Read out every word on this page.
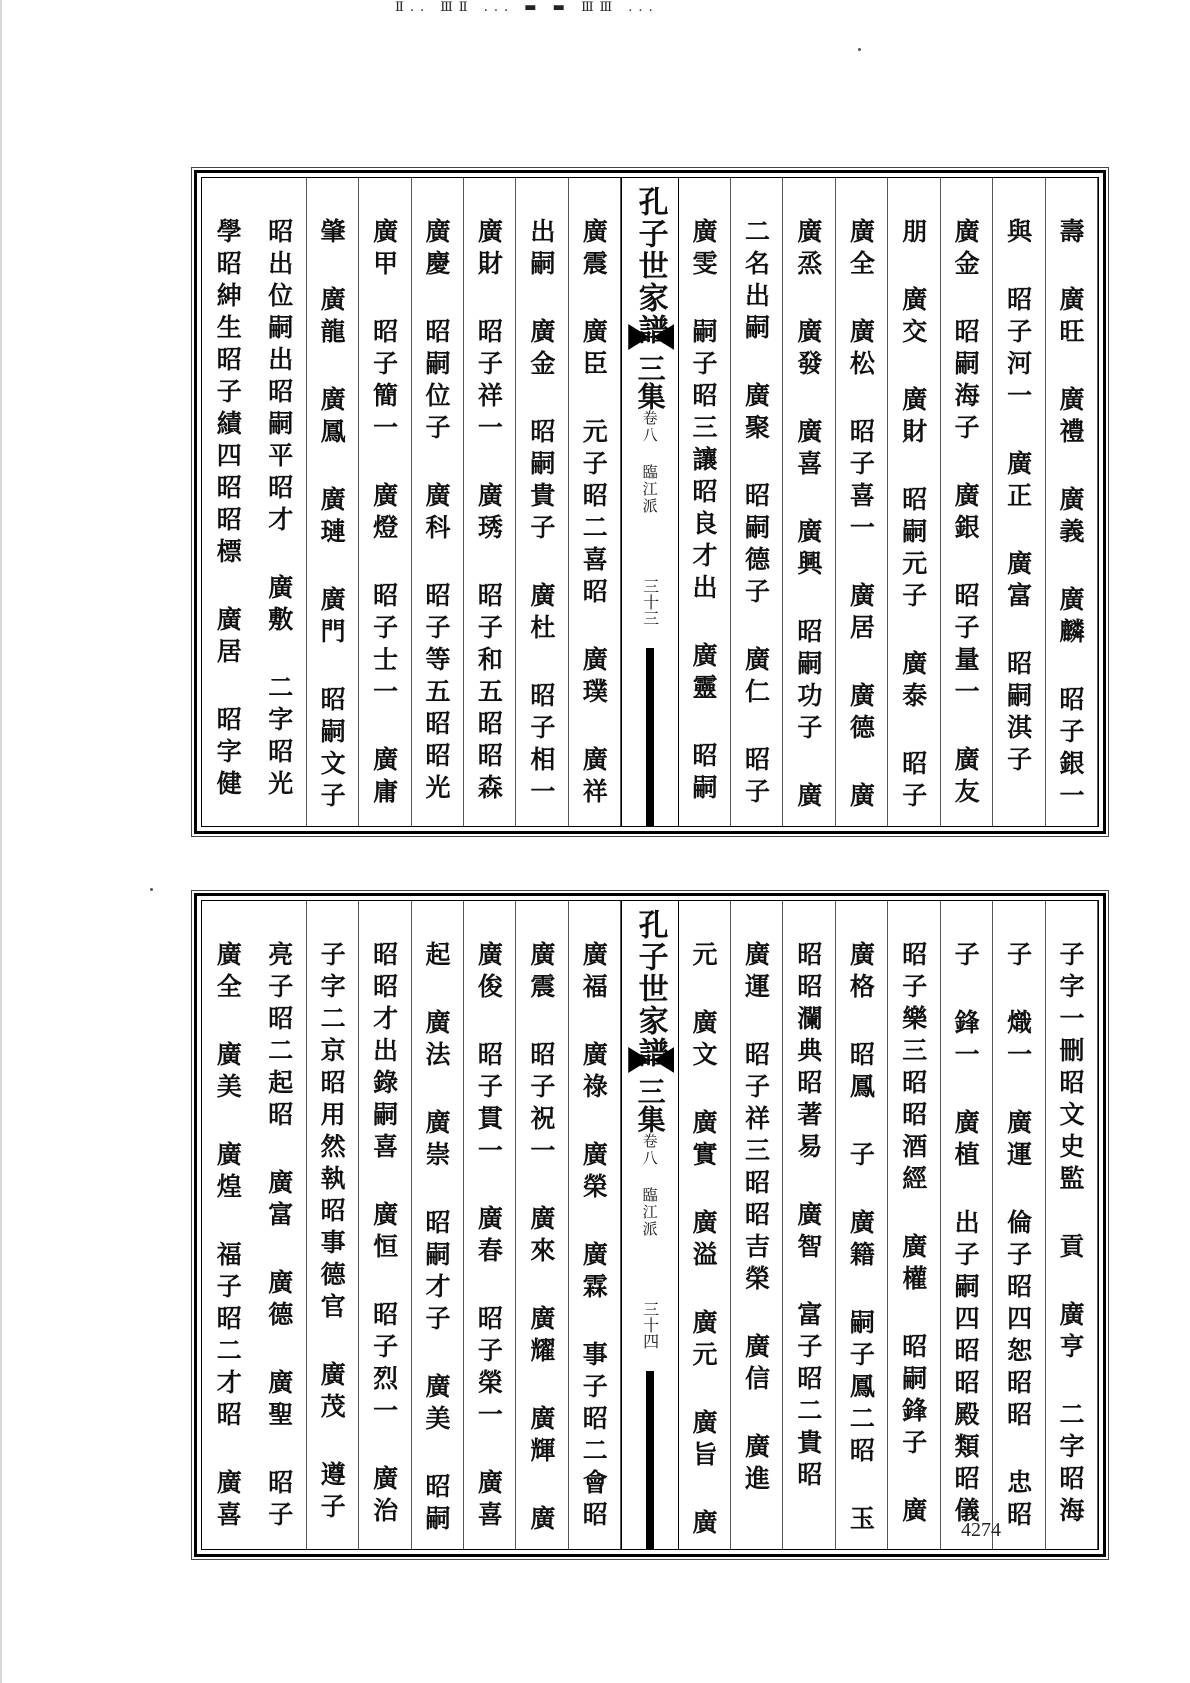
Ⅱ.. ⅢⅡ ... ▬ ▬ ⅢⅢ ...
壽 廣旺 廣禮 廣義 廣麟 昭子銀一
與 昭子河一 廣正 廣富 昭嗣淇子
廣金 昭嗣海子 廣銀 昭子量一 廣友
朋 廣交 廣財 昭嗣元子 廣泰 昭子
廣全 廣松 昭子喜一 廣居 廣德 廣
廣烝 廣發 廣喜 廣興 昭嗣功子 廣
二名出嗣 廣聚 昭嗣德子 廣仁 昭子
廣雯 嗣子昭三讓昭良才出 廣靈 昭嗣
孔子世家譜
三集
卷八 臨江派
三十三
廣震 廣臣 元子昭二喜昭 廣璞 廣祥
出嗣 廣金 昭嗣貴子 廣杜 昭子相一
廣財 昭子祥一 廣琇 昭子和五昭昭森
廣慶 昭嗣位子 廣科 昭子等五昭昭光
廣甲 昭子簡一 廣燈 昭子士一 廣庸
肇 廣龍 廣鳳 廣璉 廣門 昭嗣文子
昭出位嗣出昭嗣平昭才 廣敷 二字昭光
學昭紳生昭子績四昭昭標 廣居 昭字健
子字一刪昭文史監 貢 廣亨 二字昭海
子 熾一 廣運 倫子昭四恕昭昭 忠昭
子 鋒一 廣植 出子嗣四昭昭殿類昭儀
昭子樂三昭昭酒經 廣權 昭嗣鋒子 廣
廣格 昭鳳 子 廣籍 嗣子鳳二昭 玉
昭昭瀾典昭著易 廣智 富子昭二貴昭
廣運 昭子祥三昭昭吉榮 廣信 廣進
元 廣文 廣實 廣溢 廣元 廣旨 廣
孔子世家譜
三集
卷八 臨江派
三十四
廣福 廣祿 廣榮 廣霖 事子昭二會昭
廣震 昭子祝一 廣來 廣耀 廣輝 廣
廣俊 昭子貫一 廣春 昭子榮一 廣喜
起 廣法 廣崇 昭嗣才子 廣美 昭嗣
昭昭才出錄嗣喜 廣恒 昭子烈一 廣治
子字二京昭用然執昭事德官 廣茂 遵子
亮子昭二起昭 廣富 廣德 廣聖 昭子
廣全 廣美 廣煌 福子昭二才昭 廣喜	4274
